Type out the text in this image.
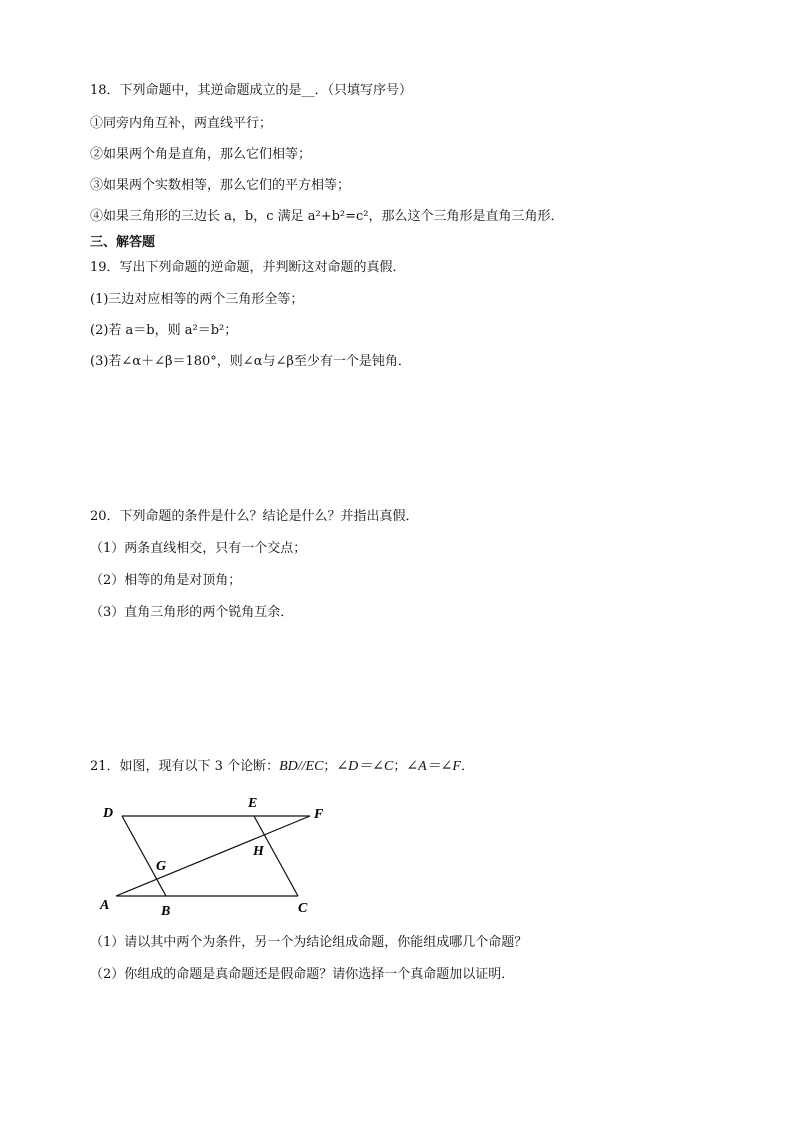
18．下列命题中，其逆命题成立的是__．（只填写序号）
①同旁内角互补，两直线平行；
②如果两个角是直角，那么它们相等；
③如果两个实数相等，那么它们的平方相等；
④如果三角形的三边长 a，b，c 满足 a²+b²=c²，那么这个三角形是直角三角形．
三、解答题
19．写出下列命题的逆命题，并判断这对命题的真假．
(1)三边对应相等的两个三角形全等；
(2)若 a＝b，则 a²＝b²；
(3)若∠α＋∠β＝180°，则∠α与∠β至少有一个是钝角．
20．下列命题的条件是什么？结论是什么？并指出真假．
（1）两条直线相交，只有一个交点；
（2）相等的角是对顶角；
（3）直角三角形的两个锐角互余．
21．如图，现有以下 3 个论断：BD//EC；∠D＝∠C；∠A＝∠F．
D
E
F
G
H
A	B	C
（1）请以其中两个为条件，另一个为结论组成命题，你能组成哪几个命题？
（2）你组成的命题是真命题还是假命题？请你选择一个真命题加以证明．
